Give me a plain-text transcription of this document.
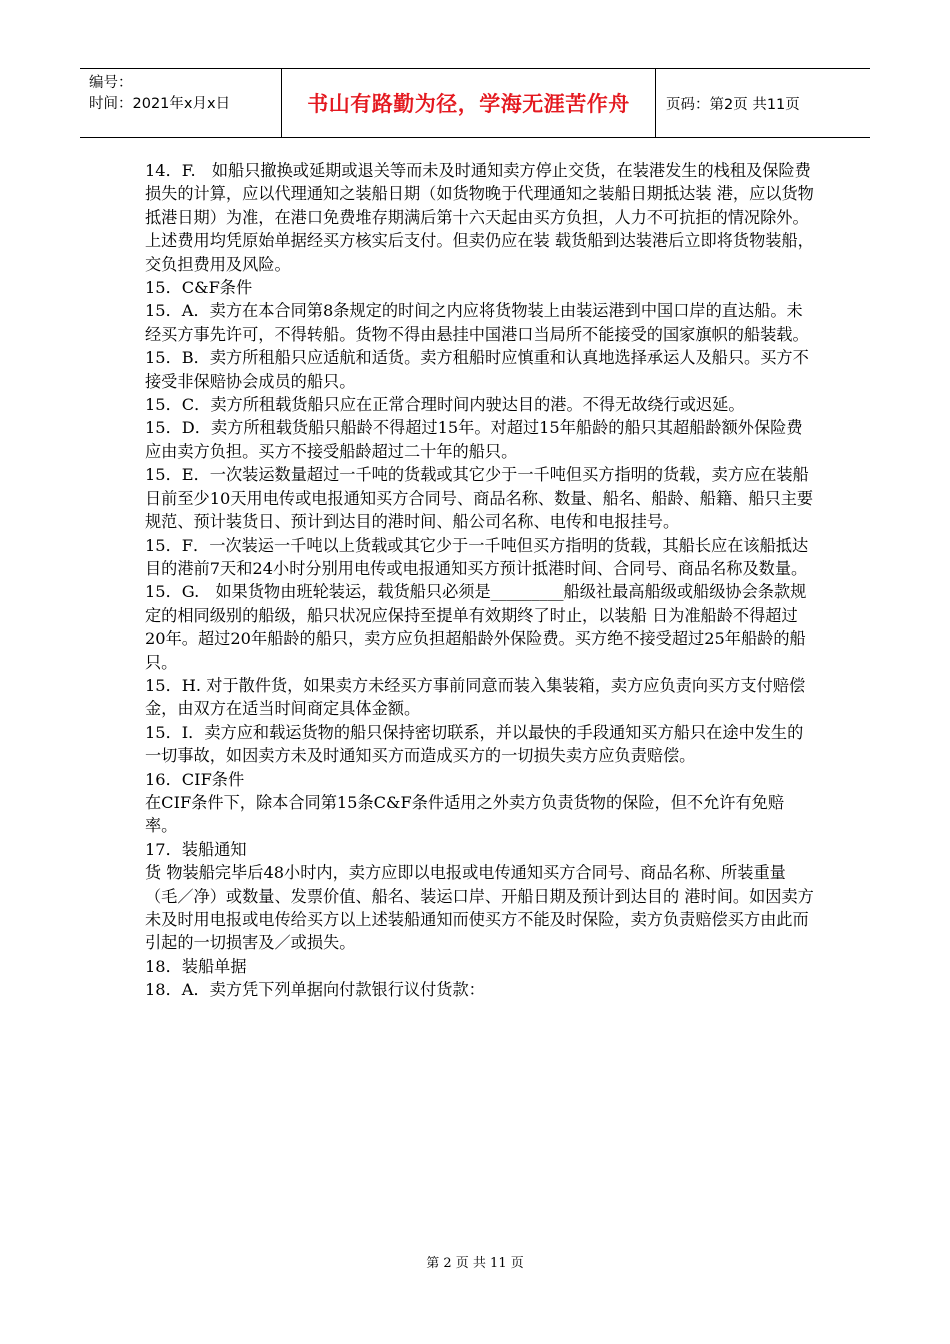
编号：
时间：2021年x月x日	书山有路勤为径，学海无涯苦作舟	页码：第2页 共11页

14．F.　如船只撤换或延期或退关等而未及时通知卖方停止交货，在装港发生的栈租及保险费损失的计算，应以代理通知之装船日期（如货物晚于代理通知之装船日期抵达装 港，应以货物抵港日期）为准，在港口免费堆存期满后第十六天起由买方负担，人力不可抗拒的情况除外。上述费用均凭原始单据经买方核实后支付。但卖仍应在装 载货船到达装港后立即将货物装船，交负担费用及风险。

15．C&F条件

15．A．卖方在本合同第8条规定的时间之内应将货物装上由装运港到中国口岸的直达船。未经买方事先许可，不得转船。货物不得由悬挂中国港口当局所不能接受的国家旗帜的船装载。

15．B．卖方所租船只应适航和适货。卖方租船时应慎重和认真地选择承运人及船只。买方不接受非保赔协会成员的船只。

15．C．卖方所租载货船只应在正常合理时间内驶达目的港。不得无故绕行或迟延。

15．D．卖方所租载货船只船龄不得超过15年。对超过15年船龄的船只其超船龄额外保险费应由卖方负担。买方不接受船龄超过二十年的船只。

15．E．一次装运数量超过一千吨的货载或其它少于一千吨但买方指明的货载，卖方应在装船日前至少10天用电传或电报通知买方合同号、商品名称、数量、船名、船龄、船籍、船只主要规范、预计装货日、预计到达目的港时间、船公司名称、电传和电报挂号。

15．F．一次装运一千吨以上货载或其它少于一千吨但买方指明的货载，其船长应在该船抵达目的港前7天和24小时分别用电传或电报通知买方预计抵港时间、合同号、商品名称及数量。

15．G.　如果货物由班轮装运，载货船只必须是_________船级社最高船级或船级协会条款规定的相同级别的船级，船只状况应保持至提单有效期终了时止，以装船 日为准船龄不得超过20年。超过20年船龄的船只，卖方应负担超船龄外保险费。买方绝不接受超过25年船龄的船只。

15．H. 对于散件货，如果卖方未经买方事前同意而装入集装箱，卖方应负责向买方支付赔偿金，由双方在适当时间商定具体金额。

15．I．卖方应和载运货物的船只保持密切联系，并以最快的手段通知买方船只在途中发生的一切事故，如因卖方未及时通知买方而造成买方的一切损失卖方应负责赔偿。

16．CIF条件

在CIF条件下，除本合同第15条C&F条件适用之外卖方负责货物的保险，但不允许有免赔率。

17．装船通知

货 物装船完毕后48小时内，卖方应即以电报或电传通知买方合同号、商品名称、所装重量（毛／净）或数量、发票价值、船名、装运口岸、开船日期及预计到达目的 港时间。如因卖方未及时用电报或电传给买方以上述装船通知而使买方不能及时保险，卖方负责赔偿买方由此而引起的一切损害及／或损失。

18．装船单据

18．A．卖方凭下列单据向付款银行议付货款：

第 2 页 共 11 页
